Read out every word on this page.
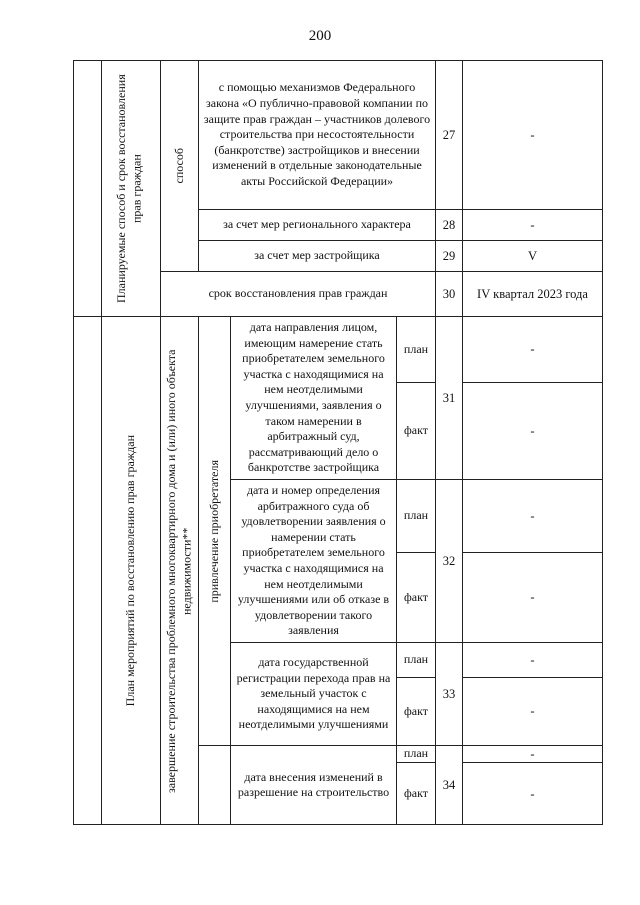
200

	Планируемые способ и срок восстановления прав граждан	способ	с помощью механизмов Федерального закона «О публично-правовой компании по защите прав граждан – участников долевого строительства при несостоятельности (банкротстве) застройщиков и внесении изменений в отдельные законодательные акты Российской Федерации»			27	-

			за счет мер регионального характера			28	-

			за счет мер застройщика			29	V

		срок восстановления прав граждан				30	IV квартал 2023 года

	План мероприятий по восстановлению прав граждан	завершение строительства проблемного многоквартирного дома и (или) иного объекта недвижимости**	привлечение приобретателя	дата направления лицом, имеющим намерение стать приобретателем земельного участка с находящимися на нем неотделимыми улучшениями, заявления о таком намерении в арбитражный суд, рассматривающий дело о банкротстве застройщика	план	31	-
					факт		-

				дата и номер определения арбитражного суда об удовлетворении заявления о намерении стать приобретателем земельного участка с находящимися на нем неотделимыми улучшениями или об отказе в удовлетворении такого заявления	план	32	-
					факт		-

				дата государственной регистрации перехода прав на земельный участок с находящимися на нем неотделимыми улучшениями	план	33	-
					факт		-

				дата внесения изменений в разрешение на строительство	план	34	-
					факт		-
